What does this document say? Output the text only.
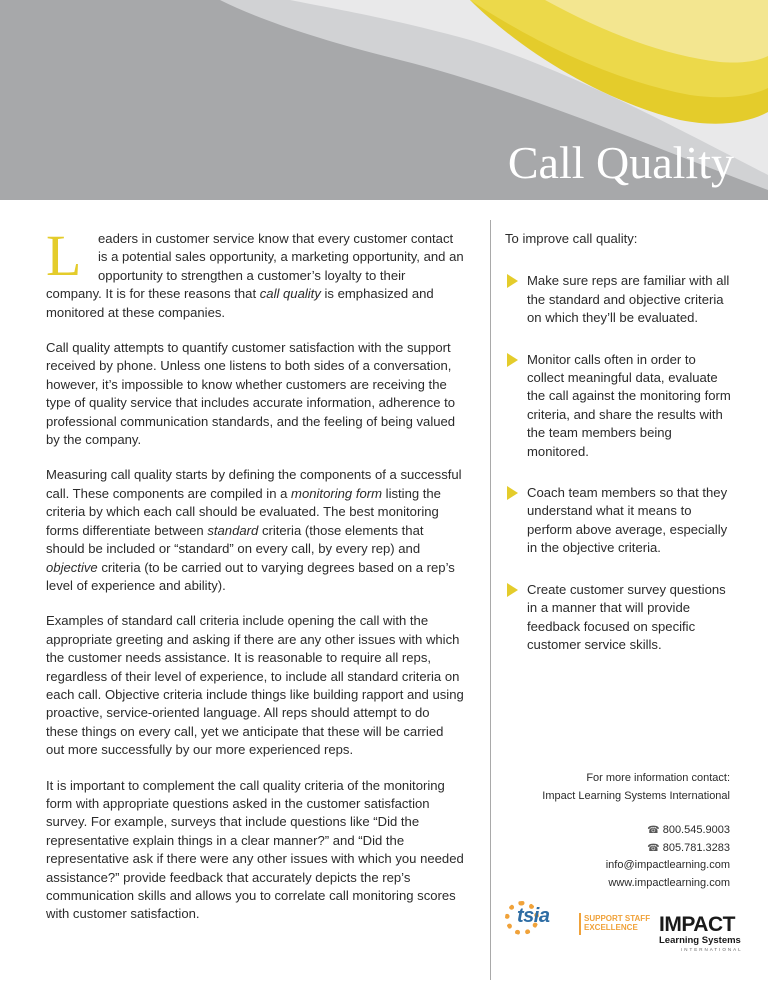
Call Quality

L	eaders in customer service know that every customer contact is a potential sales opportunity, a marketing opportunity, and an opportunity to strengthen a customer’s loyalty to their company. It is for these reasons that call quality is emphasized and monitored at these companies.

Call quality attempts to quantify customer satisfaction with the support received by phone. Unless one listens to both sides of a conversation, however, it’s impossible to know whether customers are receiving the type of quality service that includes accurate information, adherence to professional communication standards, and the feeling of being valued by the company.

Measuring call quality starts by defining the components of a successful call. These components are compiled in a monitoring form listing the criteria by which each call should be evaluated. The best monitoring forms differentiate between standard criteria (those elements that should be included or “standard” on every call, by every rep) and objective criteria (to be carried out to varying degrees based on a rep’s level of experience and ability).

Examples of standard call criteria include opening the call with the appropriate greeting and asking if there are any other issues with which the customer needs assistance. It is reasonable to require all reps, regardless of their level of experience, to include all standard criteria on each call. Objective criteria include things like building rapport and using proactive, service-oriented language. All reps should attempt to do these things on every call, yet we anticipate that these will be carried out more successfully by our more experienced reps.

It is important to complement the call quality criteria of the monitoring form with appropriate questions asked in the customer satisfaction survey. For example, surveys that include questions like “Did the representative explain things in a clear manner?” and “Did the representative ask if there were any other issues with which you needed assistance?” provide feedback that accurately depicts the rep’s communication skills and allows you to correlate call monitoring scores with customer satisfaction.

To improve call quality:

Make sure reps are familiar with all the standard and objective criteria on which they’ll be evaluated.
Monitor calls often in order to collect meaningful data, evaluate the call against the monitoring form criteria, and share the results with the team members being monitored.
Coach team members so that they understand what it means to perform above average, especially in the objective criteria.
Create customer survey questions in a manner that will provide feedback focused on specific customer service skills.
For more information contact:
Impact Learning Systems International
☎ 800.545.9003
☎ 805.781.3283
info@impactlearning.com
www.impactlearning.com
tsia	SUPPORT STAFF
EXCELLENCE	IMPACT
Learning Systems
INTERNATIONAL
